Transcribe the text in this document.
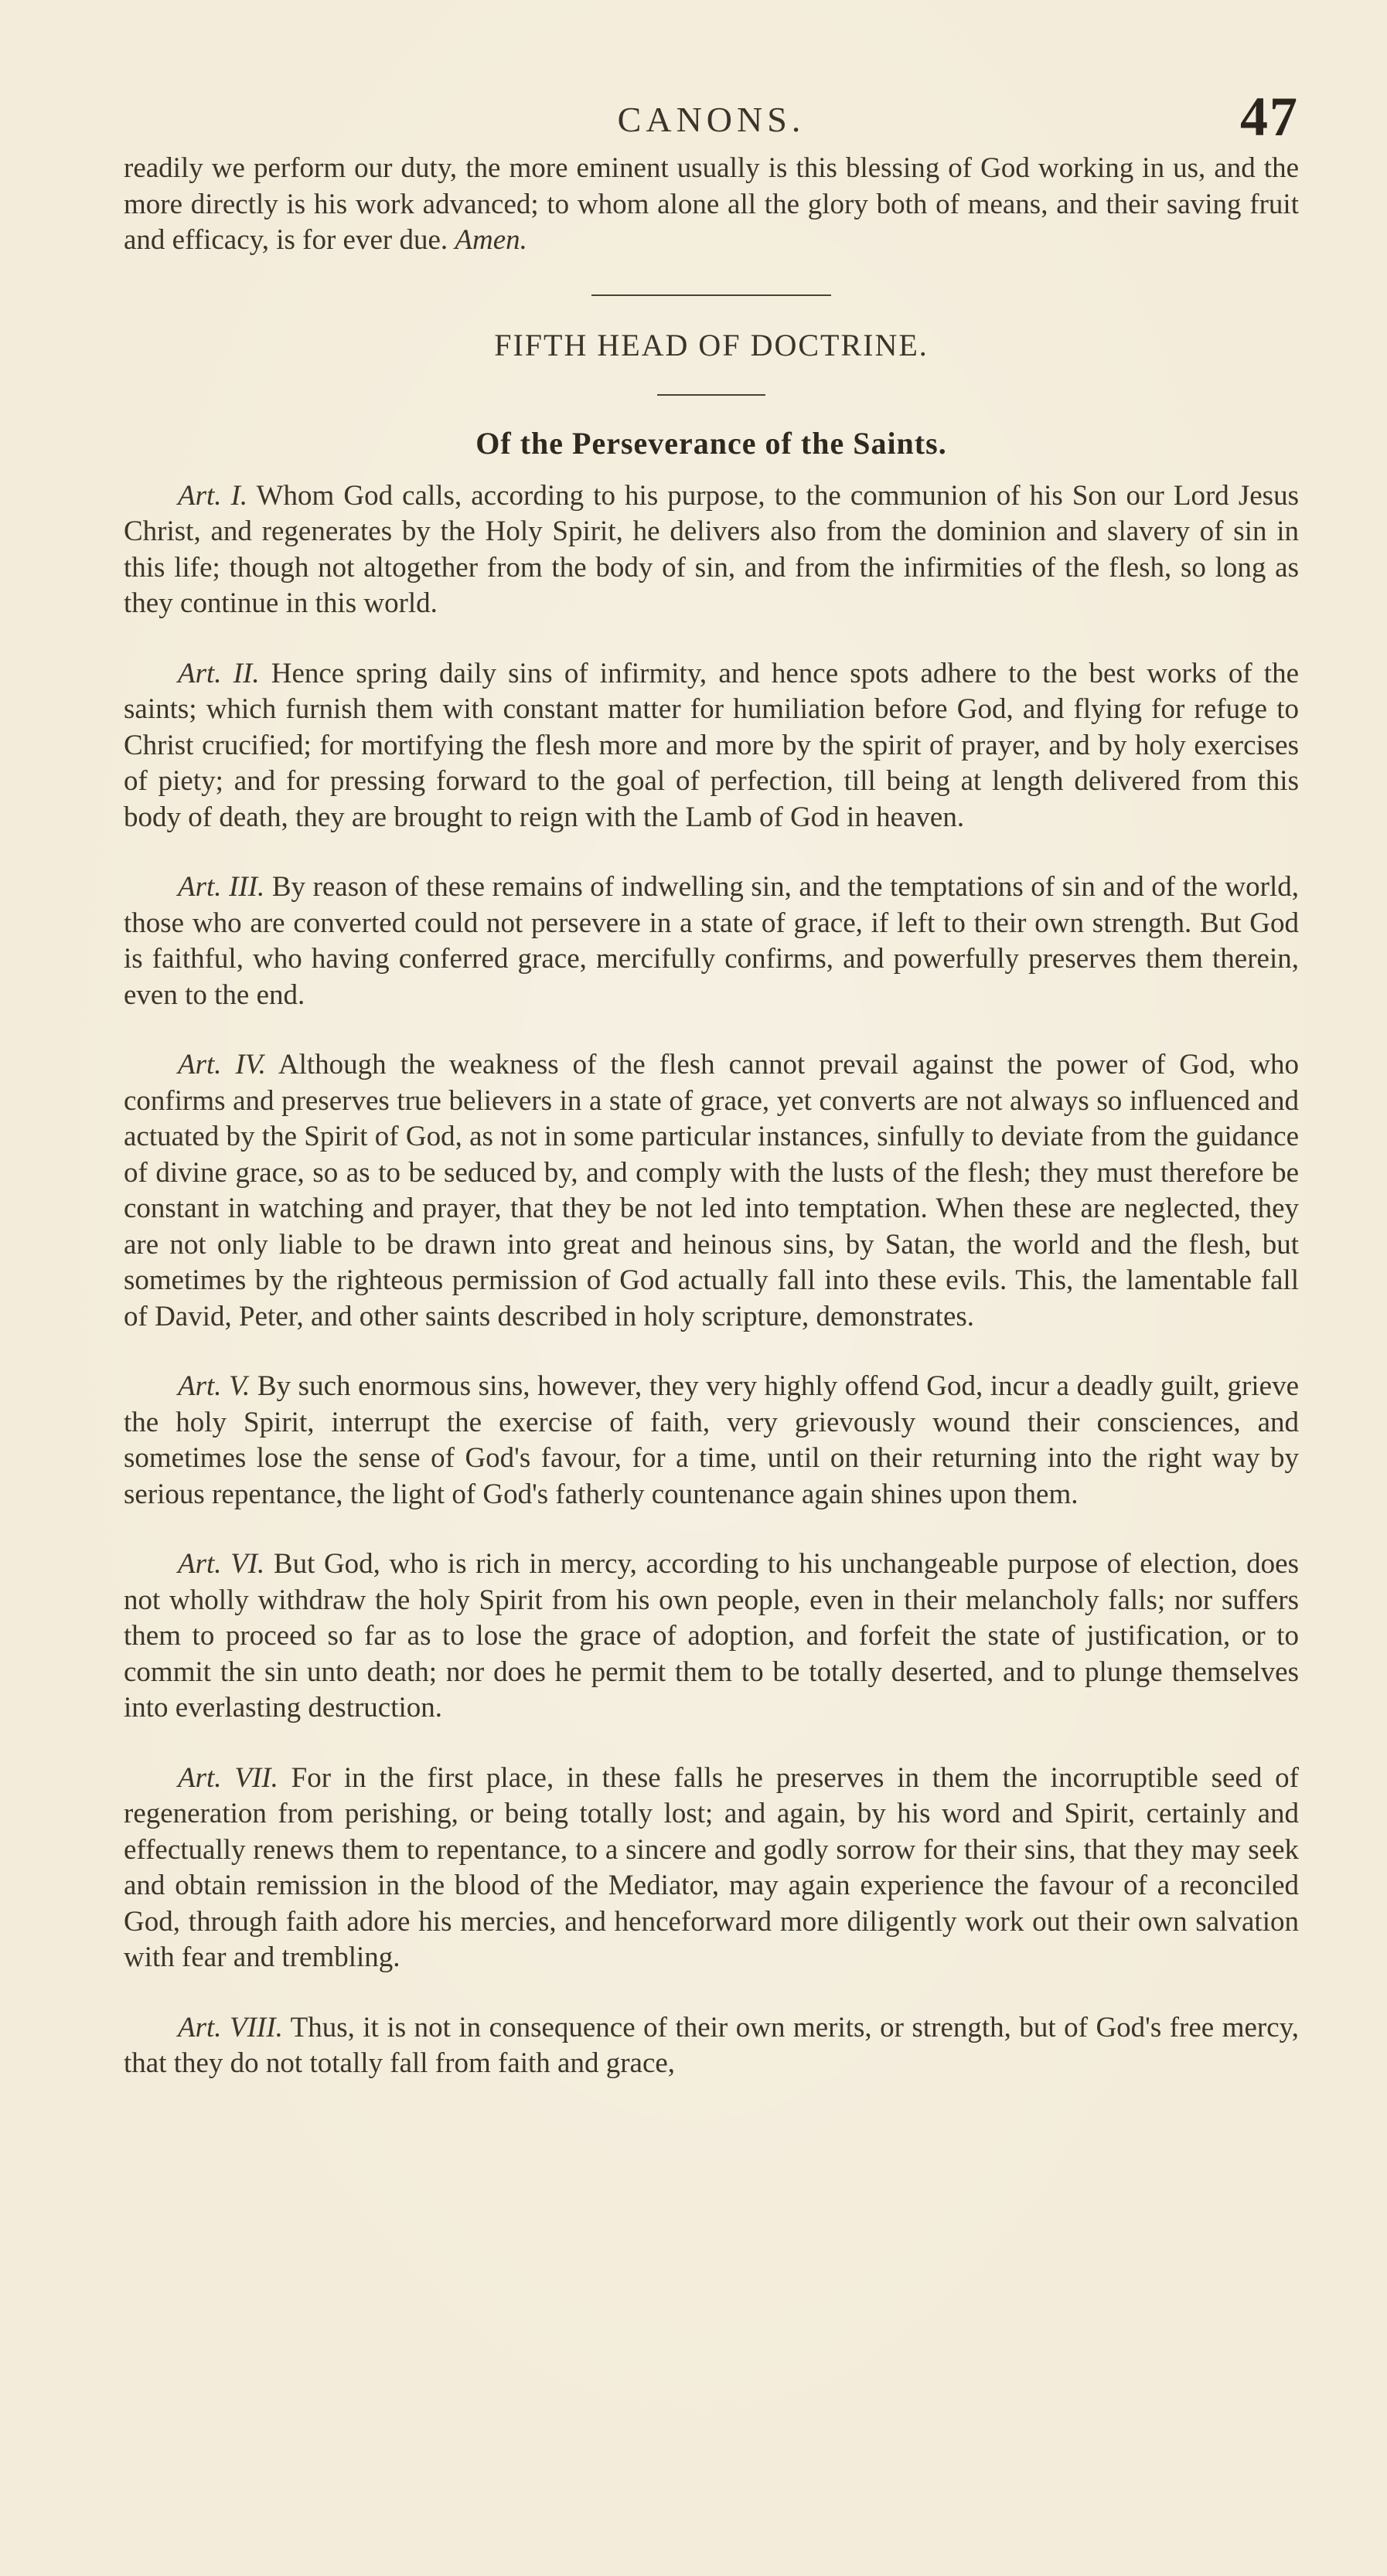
CANONS.	47

readily we perform our duty, the more eminent usually is this blessing of God working in us, and the more directly is his work advanced; to whom alone all the glory both of means, and their saving fruit and efficacy, is for ever due. Amen.

FIFTH HEAD OF DOCTRINE.
Of the Perseverance of the Saints.

Art. I. Whom God calls, according to his purpose, to the communion of his Son our Lord Jesus Christ, and regenerates by the Holy Spirit, he delivers also from the dominion and slavery of sin in this life; though not altogether from the body of sin, and from the infirmities of the flesh, so long as they continue in this world.

Art. II. Hence spring daily sins of infirmity, and hence spots adhere to the best works of the saints; which furnish them with constant matter for humiliation before God, and flying for refuge to Christ crucified; for mortifying the flesh more and more by the spirit of prayer, and by holy exercises of piety; and for pressing forward to the goal of perfection, till being at length delivered from this body of death, they are brought to reign with the Lamb of God in heaven.

Art. III. By reason of these remains of indwelling sin, and the temptations of sin and of the world, those who are converted could not persevere in a state of grace, if left to their own strength. But God is faithful, who having conferred grace, mercifully confirms, and powerfully preserves them therein, even to the end.

Art. IV. Although the weakness of the flesh cannot prevail against the power of God, who confirms and preserves true believers in a state of grace, yet converts are not always so influenced and actuated by the Spirit of God, as not in some particular instances, sinfully to deviate from the guidance of divine grace, so as to be seduced by, and comply with the lusts of the flesh; they must therefore be constant in watching and prayer, that they be not led into temptation. When these are neglected, they are not only liable to be drawn into great and heinous sins, by Satan, the world and the flesh, but sometimes by the righteous permission of God actually fall into these evils. This, the lamentable fall of David, Peter, and other saints described in holy scripture, demonstrates.

Art. V. By such enormous sins, however, they very highly offend God, incur a deadly guilt, grieve the holy Spirit, interrupt the exercise of faith, very grievously wound their consciences, and sometimes lose the sense of God's favour, for a time, until on their returning into the right way by serious repentance, the light of God's fatherly countenance again shines upon them.

Art. VI. But God, who is rich in mercy, according to his unchangeable purpose of election, does not wholly withdraw the holy Spirit from his own people, even in their melancholy falls; nor suffers them to proceed so far as to lose the grace of adoption, and forfeit the state of justification, or to commit the sin unto death; nor does he permit them to be totally deserted, and to plunge themselves into everlasting destruction.

Art. VII. For in the first place, in these falls he preserves in them the incorruptible seed of regeneration from perishing, or being totally lost; and again, by his word and Spirit, certainly and effectually renews them to repentance, to a sincere and godly sorrow for their sins, that they may seek and obtain remission in the blood of the Mediator, may again experience the favour of a reconciled God, through faith adore his mercies, and henceforward more diligently work out their own salvation with fear and trembling.

Art. VIII. Thus, it is not in consequence of their own merits, or strength, but of God's free mercy, that they do not totally fall from faith and grace,
